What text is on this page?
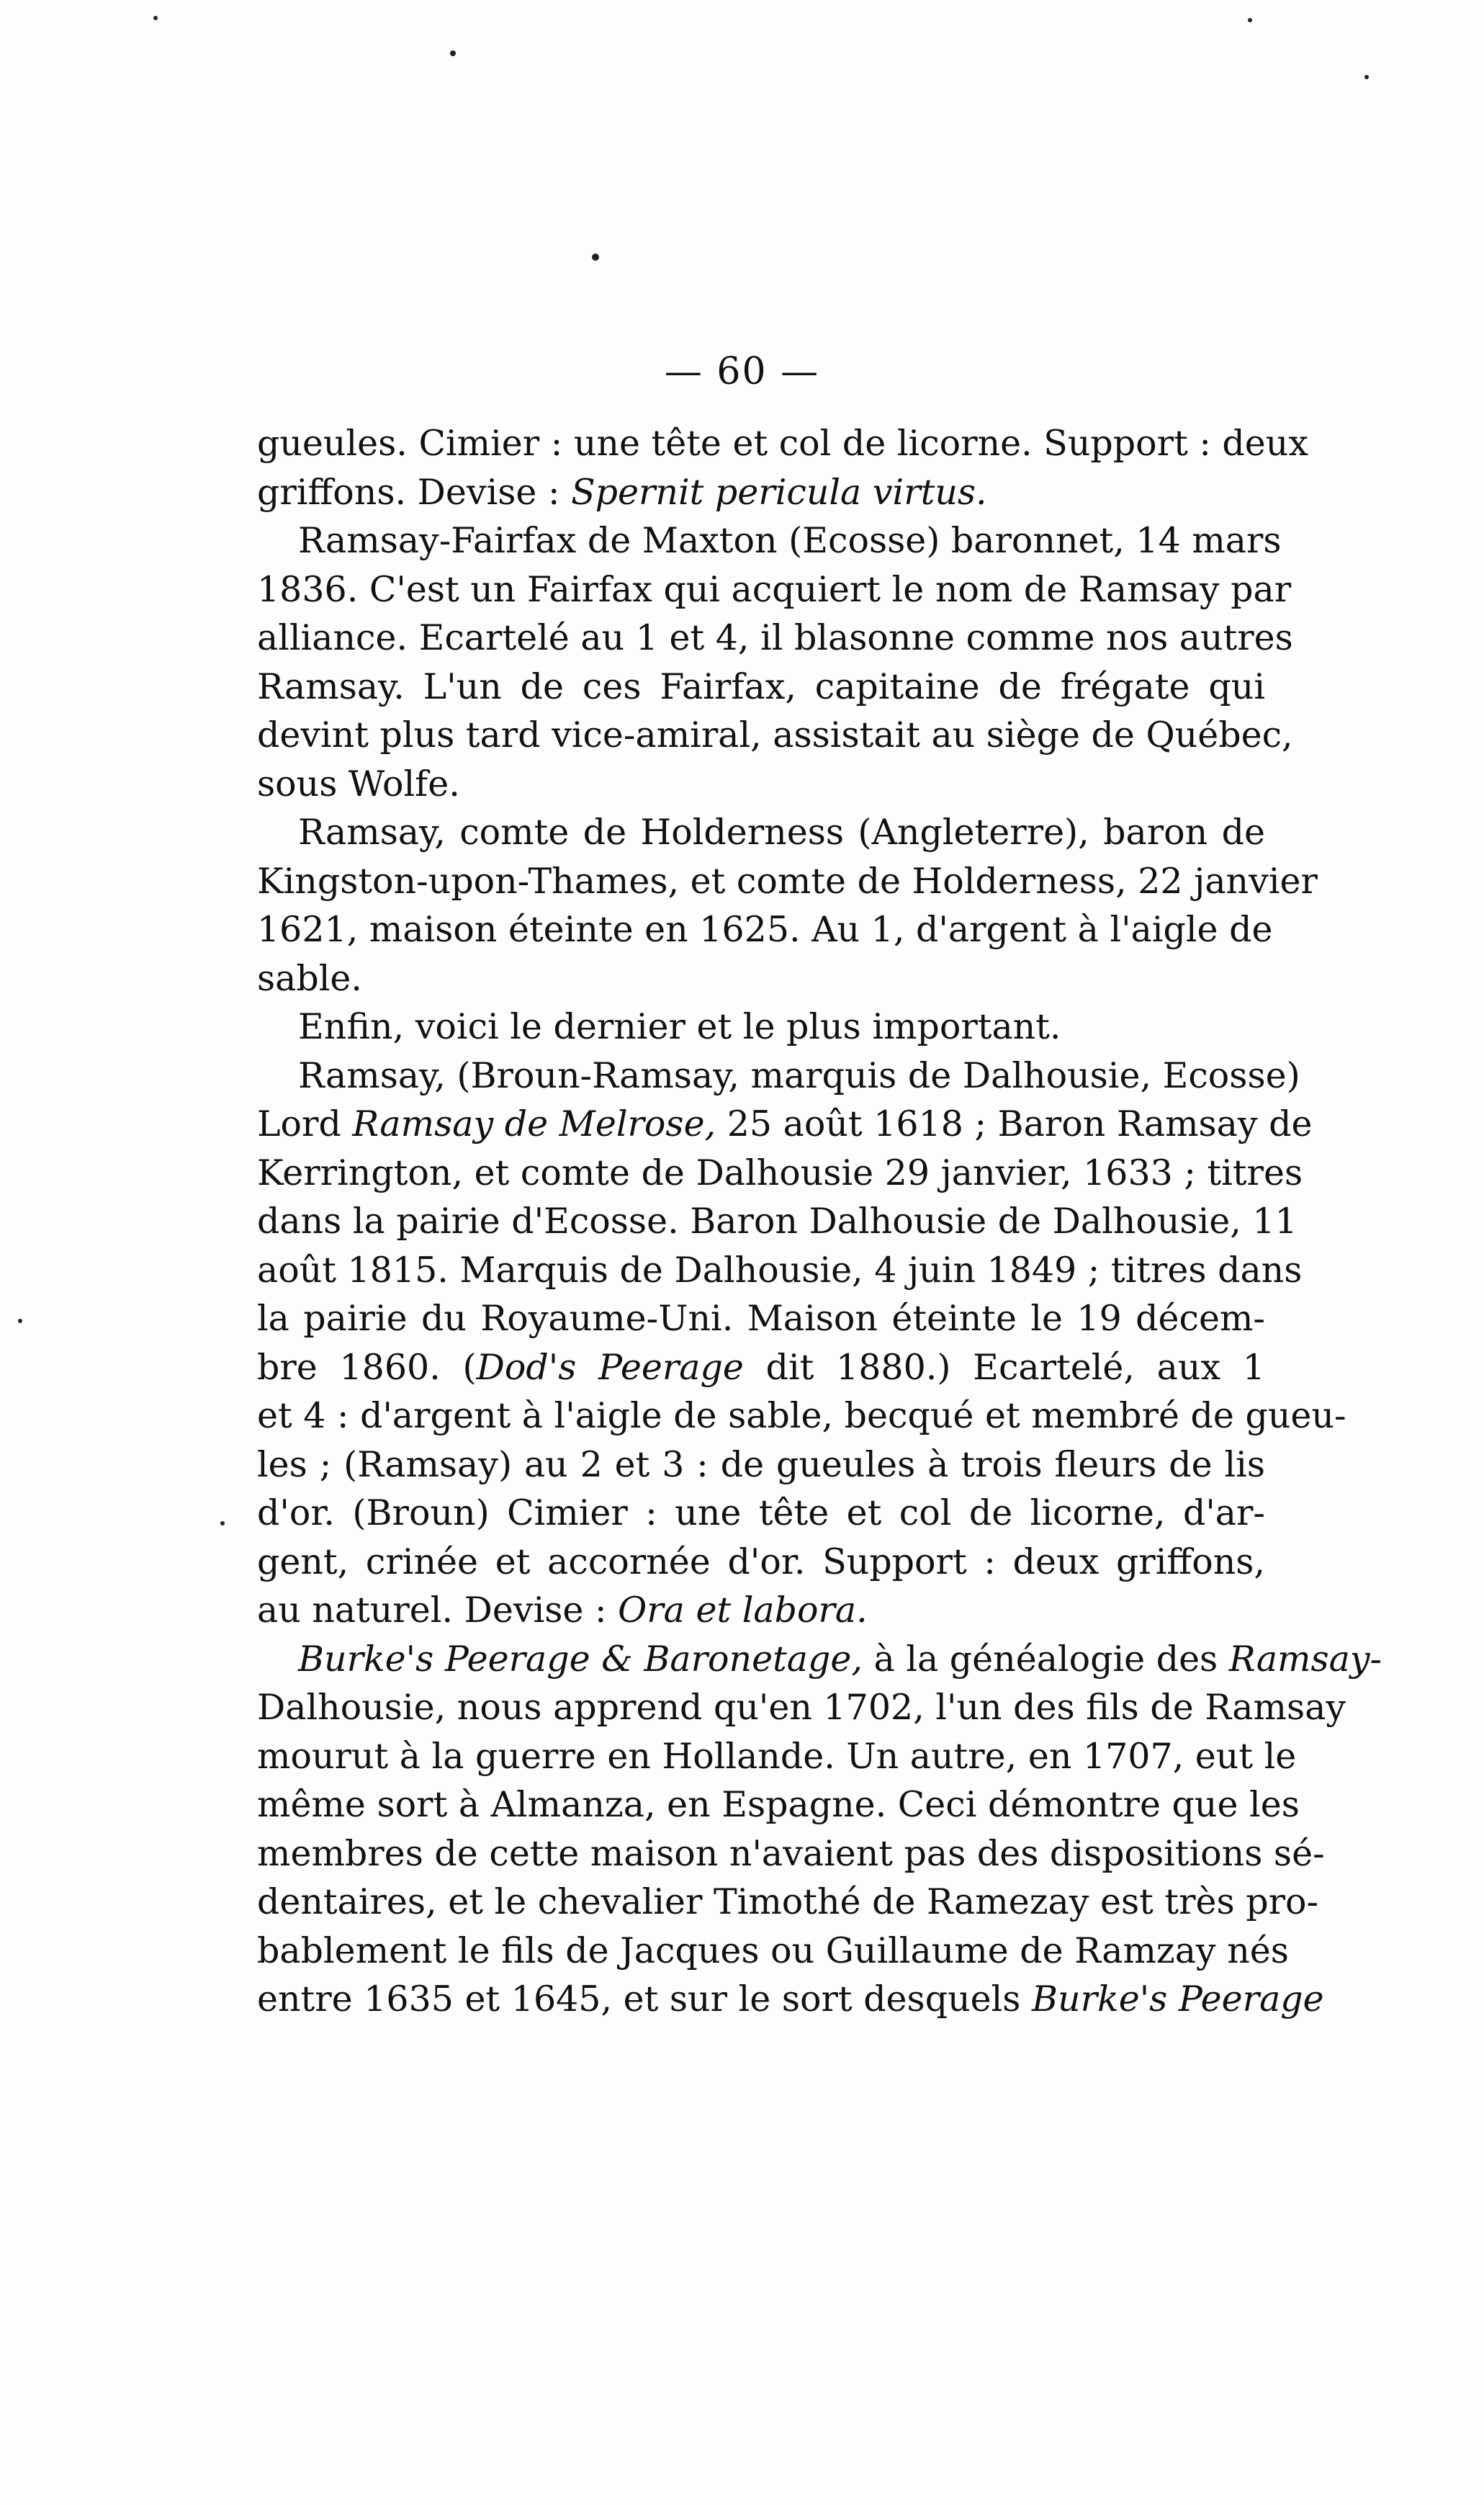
— 60 —

gueules. Cimier : une tête et col de licorne. Support : deux
griffons. Devise : Spernit pericula virtus.

Ramsay-Fairfax de Maxton (Ecosse) baronnet, 14 mars
1836. C'est un Fairfax qui acquiert le nom de Ramsay par
alliance. Ecartelé au 1 et 4, il blasonne comme nos autres
Ramsay. L'un de ces Fairfax, capitaine de frégate qui
devint plus tard vice-amiral, assistait au siège de Québec,
sous Wolfe.

Ramsay, comte de Holderness (Angleterre), baron de
Kingston-upon-Thames, et comte de Holderness, 22 janvier
1621, maison éteinte en 1625. Au 1, d'argent à l'aigle de
sable.

Enfin, voici le dernier et le plus important.

Ramsay, (Broun-Ramsay, marquis de Dalhousie, Ecosse)
Lord Ramsay de Melrose, 25 août 1618 ; Baron Ramsay de
Kerrington, et comte de Dalhousie 29 janvier, 1633 ; titres
dans la pairie d'Ecosse. Baron Dalhousie de Dalhousie, 11
août 1815. Marquis de Dalhousie, 4 juin 1849 ; titres dans
la pairie du Royaume-Uni. Maison éteinte le 19 décem-
bre 1860. (Dod's Peerage dit 1880.) Ecartelé, aux 1
et 4 : d'argent à l'aigle de sable, becqué et membré de gueu-
les ; (Ramsay) au 2 et 3 : de gueules à trois fleurs de lis
d'or. (Broun) Cimier : une tête et col de licorne, d'ar-
gent, crinée et accornée d'or. Support : deux griffons,
au naturel. Devise : Ora et labora.

Burke's Peerage & Baronetage, à la généalogie des Ramsay-
Dalhousie, nous apprend qu'en 1702, l'un des fils de Ramsay
mourut à la guerre en Hollande. Un autre, en 1707, eut le
même sort à Almanza, en Espagne. Ceci démontre que les
membres de cette maison n'avaient pas des dispositions sé-
dentaires, et le chevalier Timothé de Ramezay est très pro-
bablement le fils de Jacques ou Guillaume de Ramzay nés
entre 1635 et 1645, et sur le sort desquels Burke's Peerage
